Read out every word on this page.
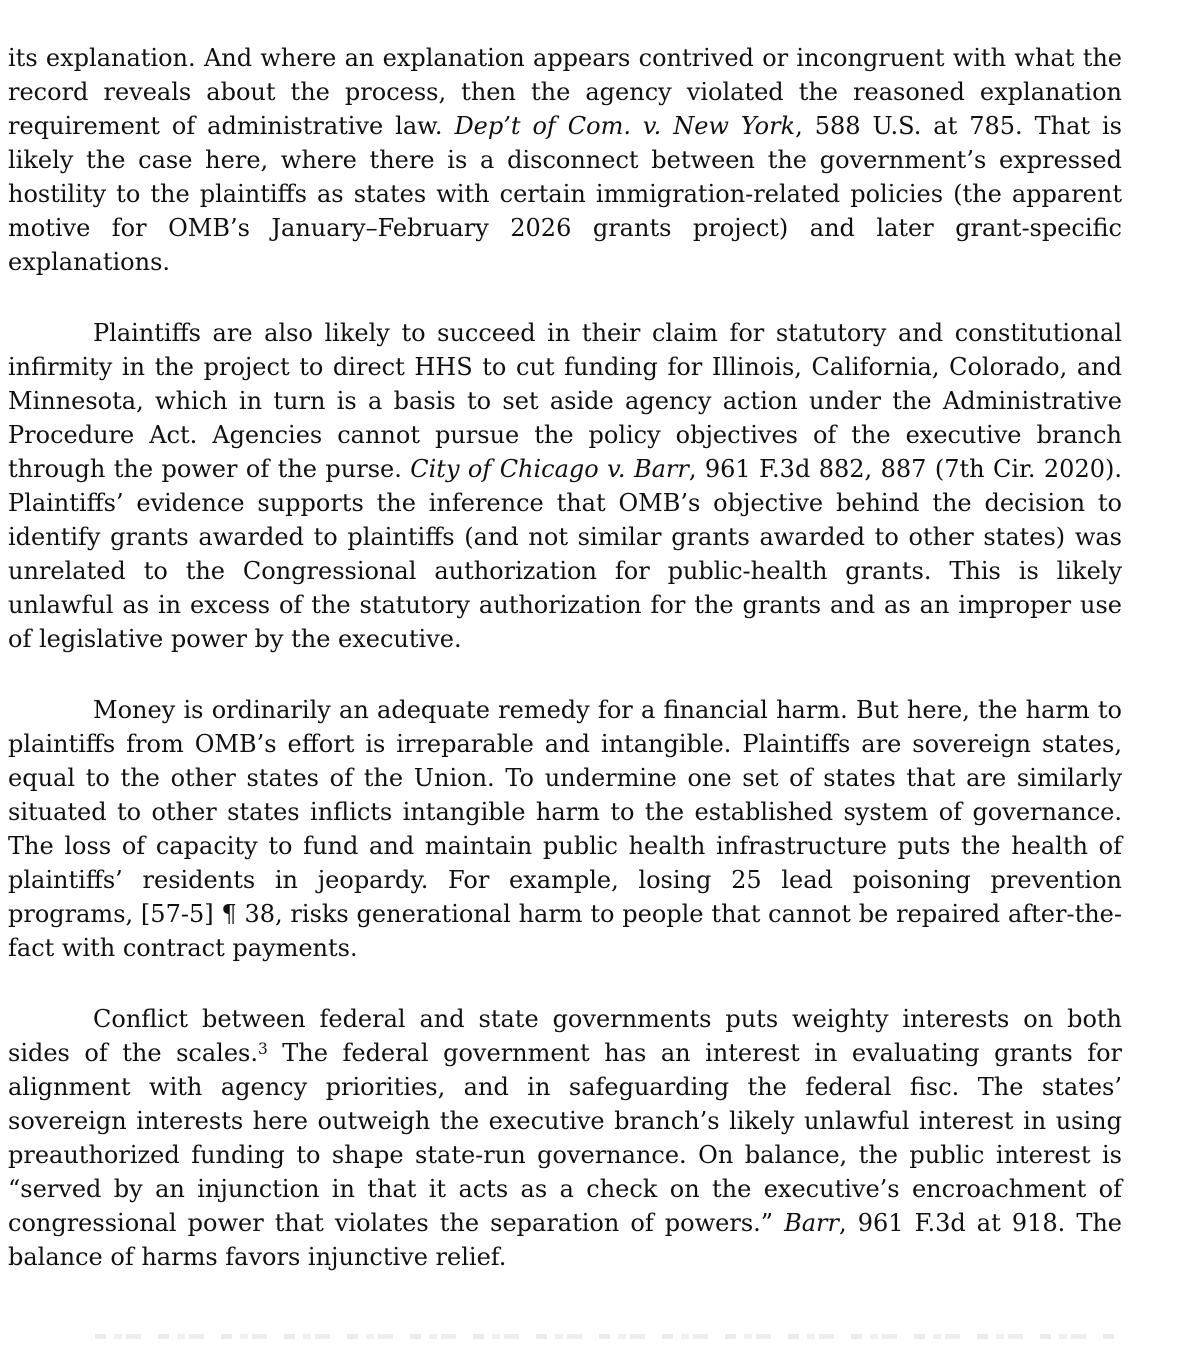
its explanation. And where an explanation appears contrived or incongruent with what the record reveals about the process, then the agency violated the reasoned explanation requirement of administrative law. Dep’t of Com. v. New York, 588 U.S. at 785. That is likely the case here, where there is a disconnect between the government’s expressed hostility to the plaintiffs as states with certain immigration-related policies (the apparent motive for OMB’s January–February 2026 grants project) and later grant-specific explanations.

Plaintiffs are also likely to succeed in their claim for statutory and constitutional infirmity in the project to direct HHS to cut funding for Illinois, California, Colorado, and Minnesota, which in turn is a basis to set aside agency action under the Administrative Procedure Act. Agencies cannot pursue the policy objectives of the executive branch through the power of the purse. City of Chicago v. Barr, 961 F.3d 882, 887 (7th Cir. 2020). Plaintiffs’ evidence supports the inference that OMB’s objective behind the decision to identify grants awarded to plaintiffs (and not similar grants awarded to other states) was unrelated to the Congressional authorization for public-health grants. This is likely unlawful as in excess of the statutory authorization for the grants and as an improper use of legislative power by the executive.

Money is ordinarily an adequate remedy for a financial harm. But here, the harm to plaintiffs from OMB’s effort is irreparable and intangible. Plaintiffs are sovereign states, equal to the other states of the Union. To undermine one set of states that are similarly situated to other states inflicts intangible harm to the established system of governance. The loss of capacity to fund and maintain public health infrastructure puts the health of plaintiffs’ residents in jeopardy. For example, losing 25 lead poisoning prevention programs, [57-5] ¶ 38, risks generational harm to people that cannot be repaired after-the-fact with contract payments.

Conflict between federal and state governments puts weighty interests on both sides of the scales.$^3$ The federal government has an interest in evaluating grants for alignment with agency priorities, and in safeguarding the federal fisc. The states’ sovereign interests here outweigh the executive branch’s likely unlawful interest in using preauthorized funding to shape state-run governance. On balance, the public interest is “served by an injunction in that it acts as a check on the executive’s encroachment of congressional power that violates the separation of powers.” Barr, 961 F.3d at 918. The balance of harms favors injunctive relief.
